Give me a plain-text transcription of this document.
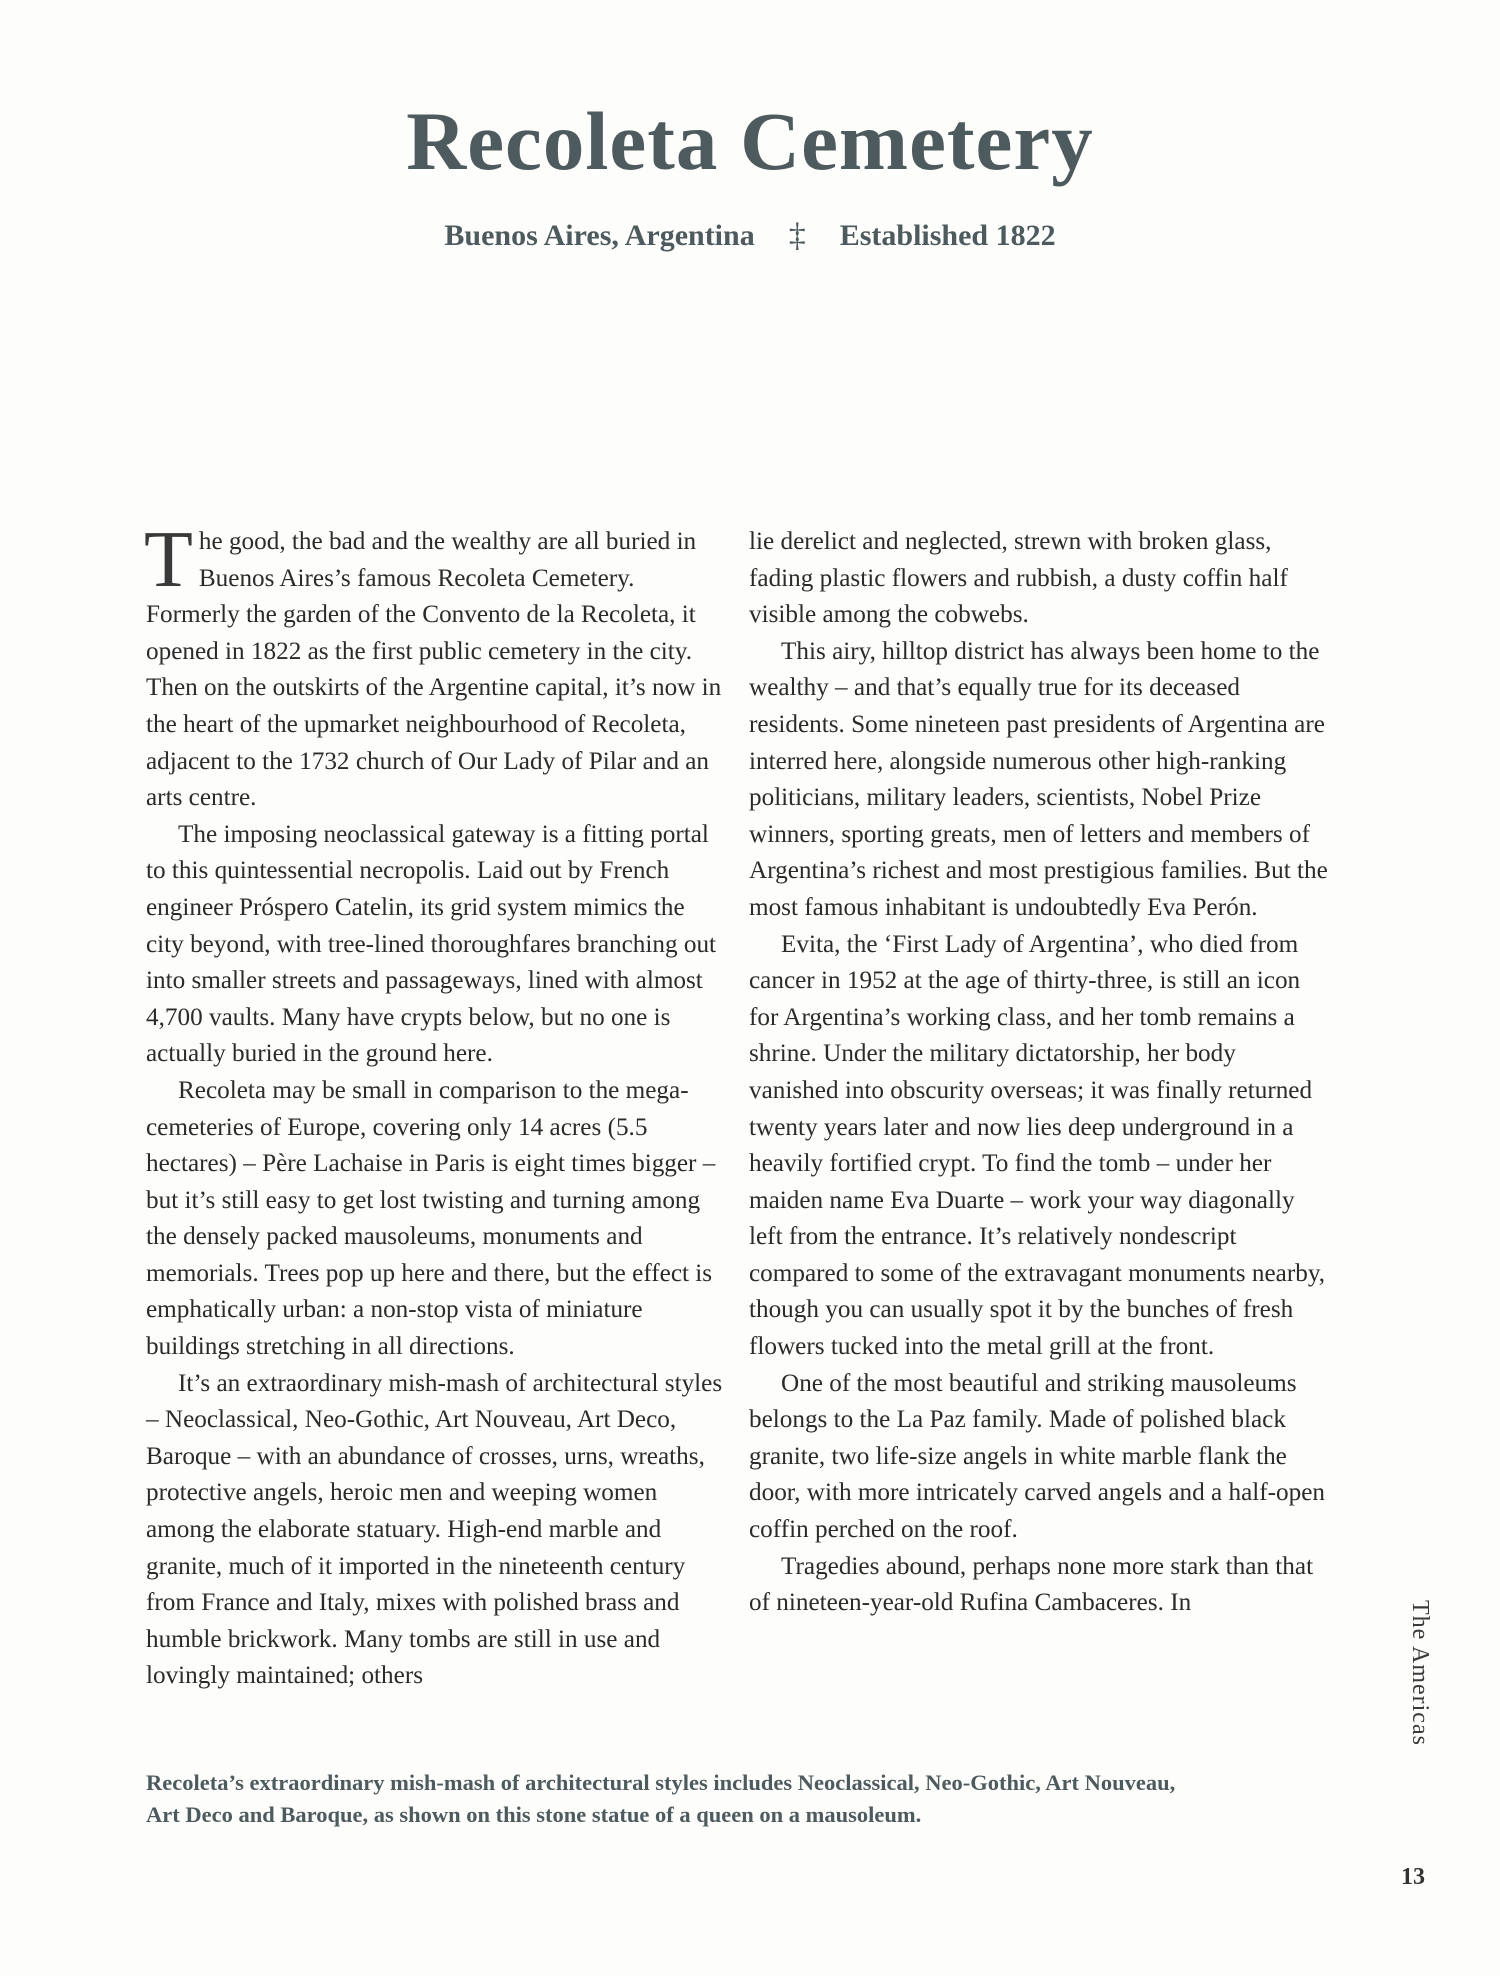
Recoleta Cemetery
Buenos Aires, Argentina ‡ Established 1822

The good, the bad and the wealthy are all buried in Buenos Aires’s famous Recoleta Cemetery. Formerly the garden of the Convento de la Recoleta, it opened in 1822 as the first public cemetery in the city. Then on the outskirts of the Argentine capital, it’s now in the heart of the upmarket neighbourhood of Recoleta, adjacent to the 1732 church of Our Lady of Pilar and an arts centre.

The imposing neoclassical gateway is a fitting portal to this quintessential necropolis. Laid out by French engineer Próspero Catelin, its grid system mimics the city beyond, with tree-lined thoroughfares branching out into smaller streets and passageways, lined with almost 4,700 vaults. Many have crypts below, but no one is actually buried in the ground here.

Recoleta may be small in comparison to the mega-cemeteries of Europe, covering only 14 acres (5.5 hectares) – Père Lachaise in Paris is eight times bigger – but it’s still easy to get lost twisting and turning among the densely packed mausoleums, monuments and memorials. Trees pop up here and there, but the effect is emphatically urban: a non-stop vista of miniature buildings stretching in all directions.

It’s an extraordinary mish-mash of architectural styles – Neoclassical, Neo-Gothic, Art Nouveau, Art Deco, Baroque – with an abundance of crosses, urns, wreaths, protective angels, heroic men and weeping women among the elaborate statuary. High-end marble and granite, much of it imported in the nineteenth century from France and Italy, mixes with polished brass and humble brickwork. Many tombs are still in use and lovingly maintained; others

lie derelict and neglected, strewn with broken glass, fading plastic flowers and rubbish, a dusty coffin half visible among the cobwebs.

This airy, hilltop district has always been home to the wealthy – and that’s equally true for its deceased residents. Some nineteen past presidents of Argentina are interred here, alongside numerous other high-ranking politicians, military leaders, scientists, Nobel Prize winners, sporting greats, men of letters and members of Argentina’s richest and most prestigious families. But the most famous inhabitant is undoubtedly Eva Perón.

Evita, the ‘First Lady of Argentina’, who died from cancer in 1952 at the age of thirty-three, is still an icon for Argentina’s working class, and her tomb remains a shrine. Under the military dictatorship, her body vanished into obscurity overseas; it was finally returned twenty years later and now lies deep underground in a heavily fortified crypt. To find the tomb – under her maiden name Eva Duarte – work your way diagonally left from the entrance. It’s relatively nondescript compared to some of the extravagant monuments nearby, though you can usually spot it by the bunches of fresh flowers tucked into the metal grill at the front.

One of the most beautiful and striking mausoleums belongs to the La Paz family. Made of polished black granite, two life-size angels in white marble flank the door, with more intricately carved angels and a half-open coffin perched on the roof.

Tragedies abound, perhaps none more stark than that of nineteen-year-old Rufina Cambaceres. In

Recoleta’s extraordinary mish-mash of architectural styles includes Neoclassical, Neo-Gothic, Art Nouveau, Art Deco and Baroque, as shown on this stone statue of a queen on a mausoleum.

The Americas
13
